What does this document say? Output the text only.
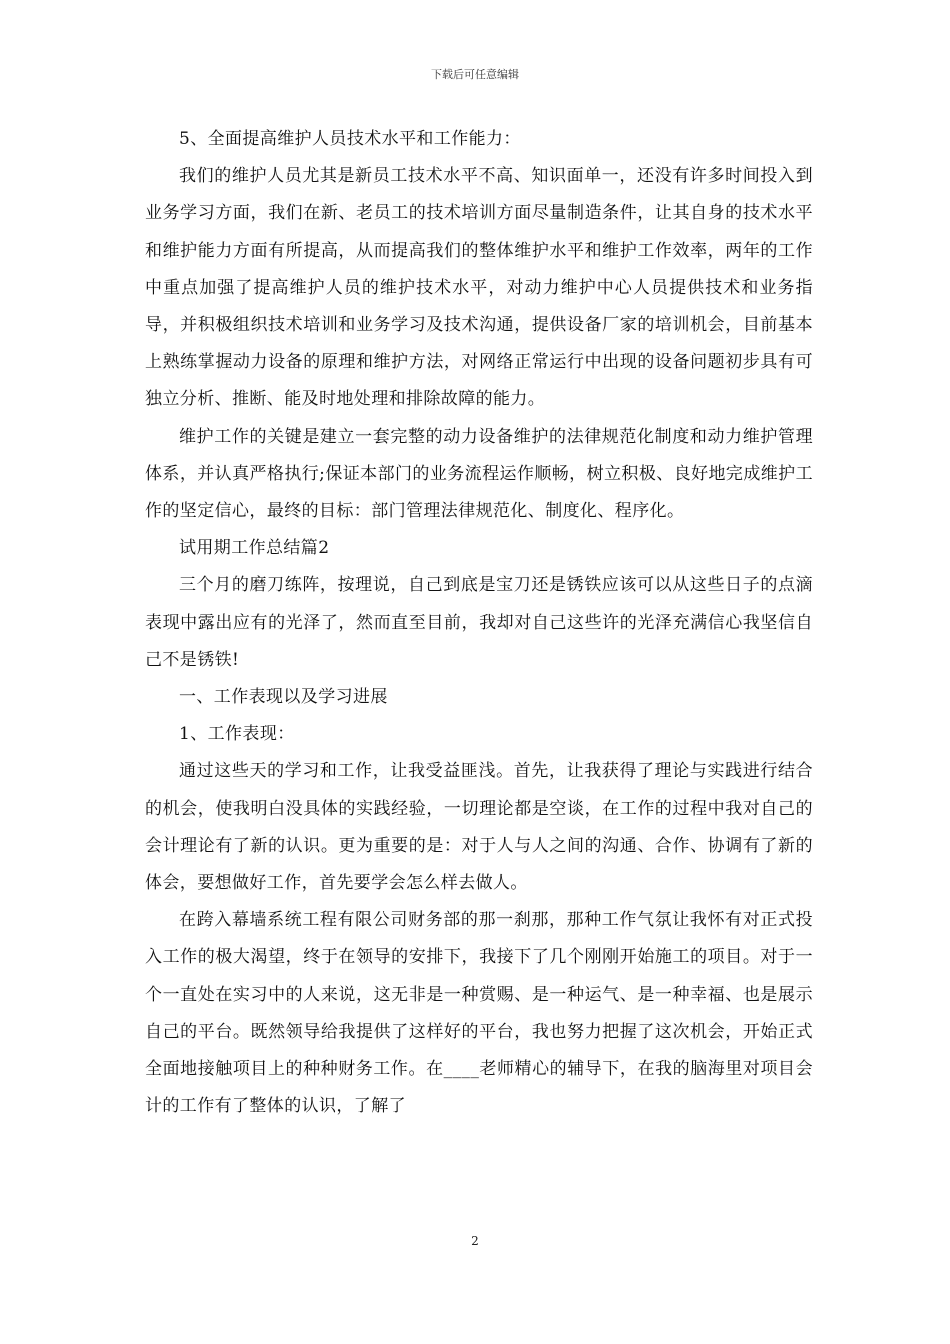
下载后可任意编辑

5、全面提高维护人员技术水平和工作能力：

我们的维护人员尤其是新员工技术水平不高、知识面单一，还没有许多时间投入到业务学习方面，我们在新、老员工的技术培训方面尽量制造条件，让其自身的技术水平和维护能力方面有所提高，从而提高我们的整体维护水平和维护工作效率，两年的工作中重点加强了提高维护人员的维护技术水平，对动力维护中心人员提供技术和业务指导，并积极组织技术培训和业务学习及技术沟通，提供设备厂家的培训机会，目前基本上熟练掌握动力设备的原理和维护方法，对网络正常运行中出现的设备问题初步具有可独立分析、推断、能及时地处理和排除故障的能力。

维护工作的关键是建立一套完整的动力设备维护的法律规范化制度和动力维护管理体系，并认真严格执行;保证本部门的业务流程运作顺畅，树立积极、良好地完成维护工作的坚定信心，最终的目标：部门管理法律规范化、制度化、程序化。

试用期工作总结篇2

三个月的磨刀练阵，按理说，自己到底是宝刀还是锈铁应该可以从这些日子的点滴表现中露出应有的光泽了，然而直至目前，我却对自己这些许的光泽充满信心我坚信自己不是锈铁!

一、工作表现以及学习进展

1、工作表现：

通过这些天的学习和工作，让我受益匪浅。首先，让我获得了理论与实践进行结合的机会，使我明白没具体的实践经验，一切理论都是空谈，在工作的过程中我对自己的会计理论有了新的认识。更为重要的是：对于人与人之间的沟通、合作、协调有了新的体会，要想做好工作，首先要学会怎么样去做人。

在跨入幕墙系统工程有限公司财务部的那一刹那，那种工作气氛让我怀有对正式投入工作的极大渴望，终于在领导的安排下，我接下了几个刚刚开始施工的项目。对于一个一直处在实习中的人来说，这无非是一种赏赐、是一种运气、是一种幸福、也是展示自己的平台。既然领导给我提供了这样好的平台，我也努力把握了这次机会，开始正式全面地接触项目上的种种财务工作。在____老师精心的辅导下，在我的脑海里对项目会计的工作有了整体的认识，了解了

2
